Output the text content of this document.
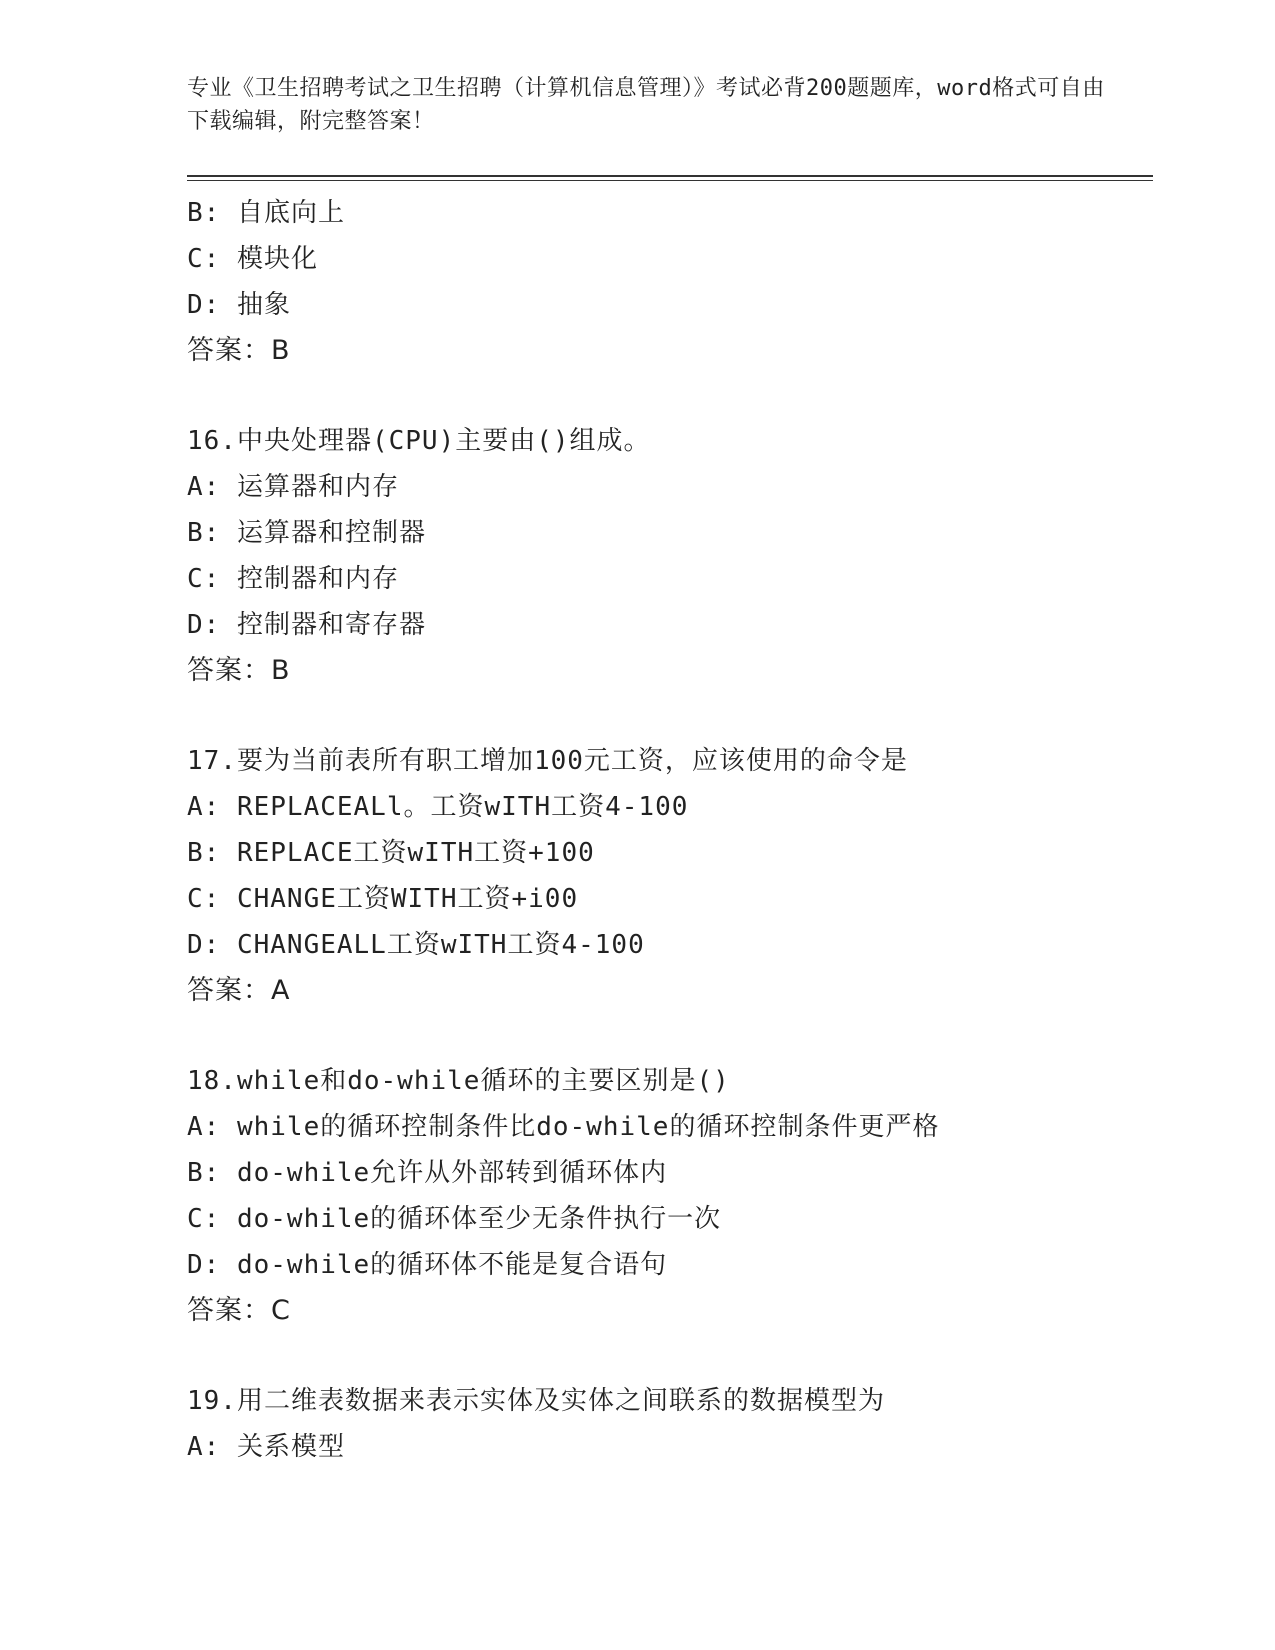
专业《卫生招聘考试之卫生招聘（计算机信息管理）》考试必背200题题库，word格式可自由下载编辑，附完整答案！
B: 自底向上
C: 模块化
D: 抽象
答案：B
16.中央处理器(CPU)主要由()组成。
A: 运算器和内存
B: 运算器和控制器
C: 控制器和内存
D: 控制器和寄存器
答案：B
17.要为当前表所有职工增加100元工资，应该使用的命令是
A: REPLACEALl。工资wITH工资4-100
B: REPLACE工资wITH工资+100
C: CHANGE工资WITH工资+i00
D: CHANGEALL工资wITH工资4-100
答案：A
18.while和do-while循环的主要区别是()
A: while的循环控制条件比do-while的循环控制条件更严格
B: do-while允许从外部转到循环体内
C: do-while的循环体至少无条件执行一次
D: do-while的循环体不能是复合语句
答案：C
19.用二维表数据来表示实体及实体之间联系的数据模型为
A: 关系模型
